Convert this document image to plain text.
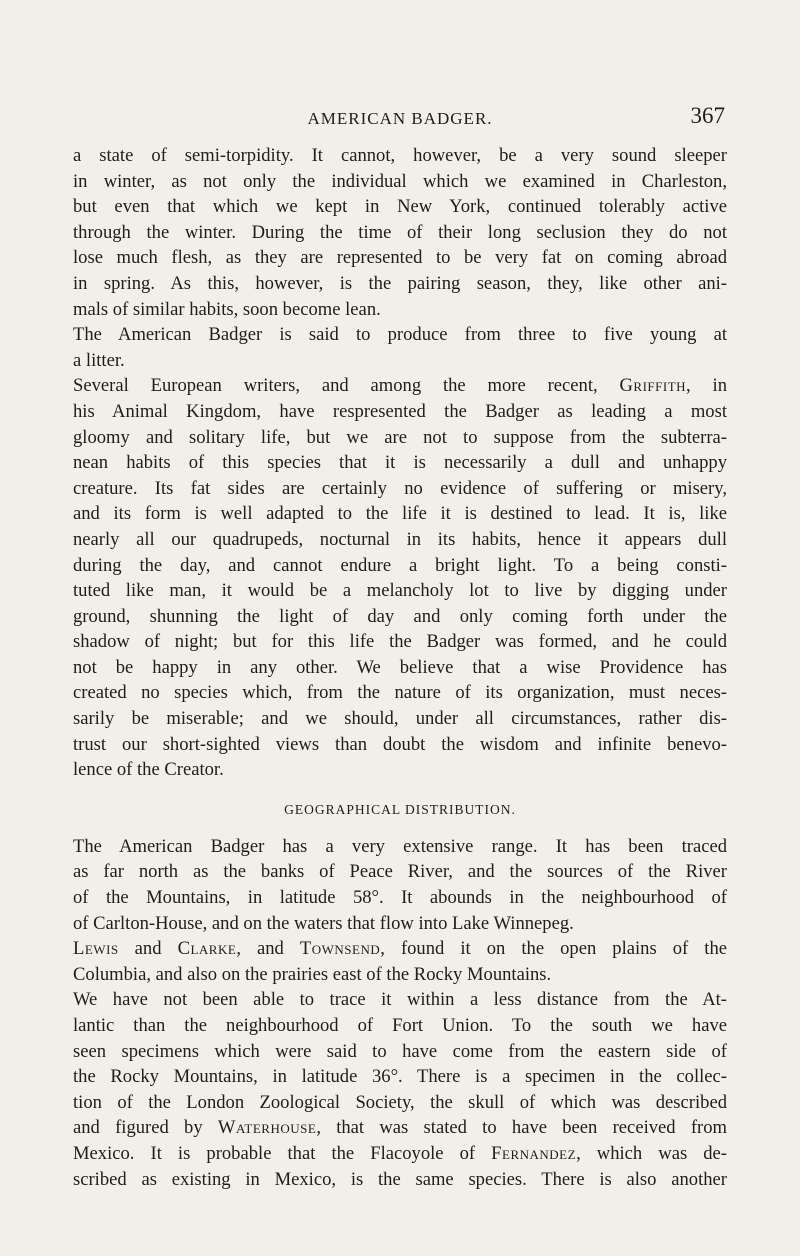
AMERICAN BADGER.	367
a state of semi-torpidity. It cannot, however, be a very sound sleeper
in winter, as not only the individual which we examined in Charleston,
but even that which we kept in New York, continued tolerably active
through the winter. During the time of their long seclusion they do not
lose much flesh, as they are represented to be very fat on coming abroad
in spring. As this, however, is the pairing season, they, like other ani-
mals of similar habits, soon become lean.
The American Badger is said to produce from three to five young at
a litter.
Several European writers, and among the more recent, Griffith, in
his Animal Kingdom, have respresented the Badger as leading a most
gloomy and solitary life, but we are not to suppose from the subterra-
nean habits of this species that it is necessarily a dull and unhappy
creature. Its fat sides are certainly no evidence of suffering or misery,
and its form is well adapted to the life it is destined to lead. It is, like
nearly all our quadrupeds, nocturnal in its habits, hence it appears dull
during the day, and cannot endure a bright light. To a being consti-
tuted like man, it would be a melancholy lot to live by digging under
ground, shunning the light of day and only coming forth under the
shadow of night; but for this life the Badger was formed, and he could
not be happy in any other. We believe that a wise Providence has
created no species which, from the nature of its organization, must neces-
sarily be miserable; and we should, under all circumstances, rather dis-
trust our short-sighted views than doubt the wisdom and infinite benevo-
lence of the Creator.
GEOGRAPHICAL DISTRIBUTION.
The American Badger has a very extensive range. It has been traced
as far north as the banks of Peace River, and the sources of the River
of the Mountains, in latitude 58°. It abounds in the neighbourhood of
of Carlton-House, and on the waters that flow into Lake Winnepeg.
Lewis and Clarke, and Townsend, found it on the open plains of the
Columbia, and also on the prairies east of the Rocky Mountains.
We have not been able to trace it within a less distance from the At-
lantic than the neighbourhood of Fort Union. To the south we have
seen specimens which were said to have come from the eastern side of
the Rocky Mountains, in latitude 36°. There is a specimen in the collec-
tion of the London Zoological Society, the skull of which was described
and figured by Waterhouse, that was stated to have been received from
Mexico. It is probable that the Flacoyole of Fernandez, which was de-
scribed as existing in Mexico, is the same species. There is also another
